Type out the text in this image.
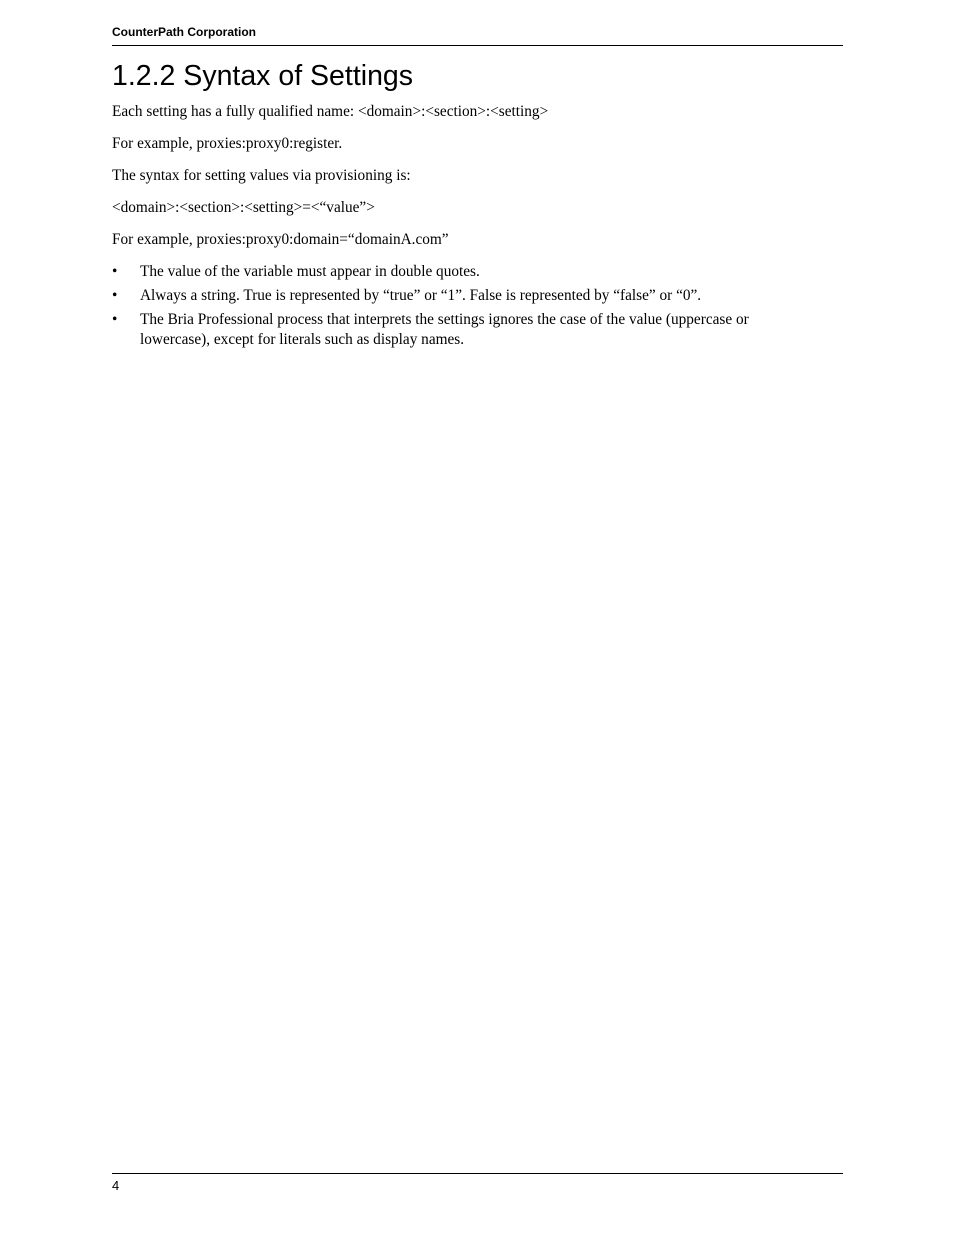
CounterPath Corporation
1.2.2 Syntax of Settings

Each setting has a fully qualified name: <domain>:<section>:<setting>

For example, proxies:proxy0:register.

The syntax for setting values via provisioning is:

<domain>:<section>:<setting>=<“value”>

For example, proxies:proxy0:domain=“domainA.com”

• The value of the variable must appear in double quotes.
• Always a string. True is represented by “true” or “1”. False is represented by “false” or “0”.
• The Bria Professional process that interprets the settings ignores the case of the value (uppercase or lowercase), except for literals such as display names.
4
